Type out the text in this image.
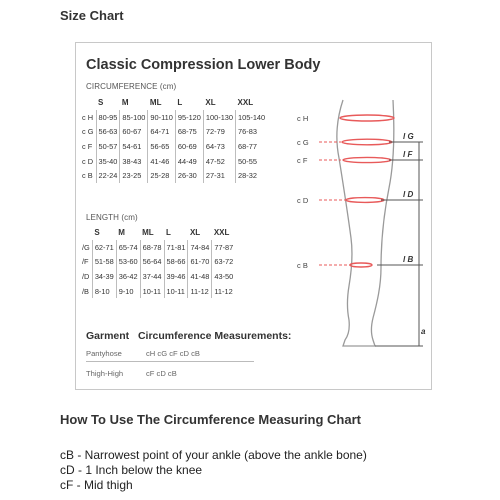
Size Chart
Classic Compression Lower Body
CIRCUMFERENCE (cm)
	S	M	ML	L	XL	XXL
c H	80-95	85-100	90-110	95-120	100-130	105-140
c G	56-63	60-67	64-71	68-75	72-79	76-83
c F	50-57	54-61	56-65	60-69	64-73	68-77
c D	35-40	38-43	41-46	44-49	47-52	50-55
c B	22-24	23-25	25-28	26-30	27-31	28-32
LENGTH (cm)
	S	M	ML	L	XL	XXL
/G	62-71	65-74	68-78	71-81	74-84	77-87
/F	51-58	53-60	56-64	58-66	61-70	63-72
/D	34-39	36-42	37-44	39-46	41-48	43-50
/B	8-10	9-10	10-11	10-11	11-12	11-12
Garment Circumference Measurements:
Pantyhose	cH cG cF cD cB
Thigh-High	cF cD cB
c H
c G
c F
c D
c B
l G
l F
l D
l B
a
How To Use The Circumference Measuring Chart
cB - Narrowest point of your ankle (above the ankle bone)
cD - 1 Inch below the knee
cF - Mid thigh
